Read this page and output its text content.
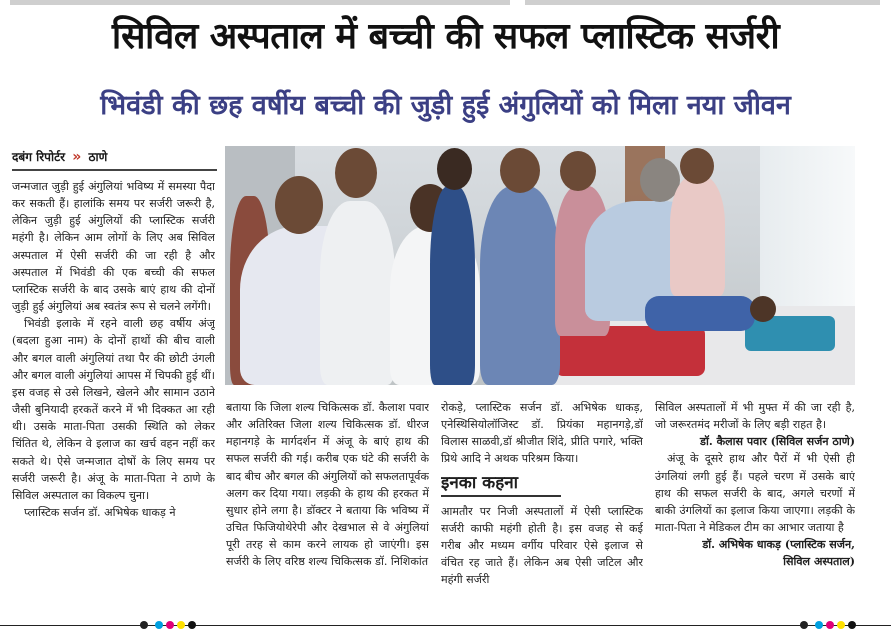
सिविल अस्पताल में बच्ची की सफल प्लास्टिक सर्जरी
भिवंडी की छह वर्षीय बच्ची की जुड़ी हुई अंगुलियों को मिला नया जीवन
दबंग रिपोर्टर » ठाणे

जन्मजात जुड़ी हुई अंगुलियां भविष्य में समस्या पैदा कर सकती हैं। हालांकि समय पर सर्जरी जरूरी है, लेकिन जुड़ी हुई अंगुलियों की प्लास्टिक सर्जरी महंगी है। लेकिन आम लोगों के लिए अब सिविल अस्पताल में ऐसी सर्जरी की जा रही है और अस्पताल में भिवंडी की एक बच्ची की सफल प्लास्टिक सर्जरी के बाद उसके बाएं हाथ की दोनों जुड़ी हुई अंगुलियां अब स्वतंत्र रूप से चलने लगेंगी।

भिवंडी इलाके में रहने वाली छह वर्षीय अंजू (बदला हुआ नाम) के दोनों हाथों की बीच वाली और बगल वाली अंगुलियां तथा पैर की छोटी उंगली और बगल वाली अंगुलियां आपस में चिपकी हुई थीं। इस वजह से उसे लिखने, खेलने और सामान उठाने जैसी बुनियादी हरकतें करने में भी दिक्कत आ रही थी। उसके माता-पिता उसकी स्थिति को लेकर चिंतित थे, लेकिन वे इलाज का खर्च वहन नहीं कर सकते थे। ऐसे जन्मजात दोषों के लिए समय पर सर्जरी जरूरी है। अंजू के माता-पिता ने ठाणे के सिविल अस्पताल का विकल्प चुना।

प्लास्टिक सर्जन डॉ. अभिषेक धाकड़ ने

बताया कि जिला शल्य चिकित्सक डॉ. कैलाश पवार और अतिरिक्त जिला शल्य चिकित्सक डॉ. धीरज महानगड़े के मार्गदर्शन में अंजू के बाएं हाथ की सफल सर्जरी की गई। करीब एक घंटे की सर्जरी के बाद बीच और बगल की अंगुलियों को सफलतापूर्वक अलग कर दिया गया। लड़की के हाथ की हरकत में सुधार होने लगा है। डॉक्टर ने बताया कि भविष्य में उचित फिजियोथेरेपी और देखभाल से वे अंगुलियां पूरी तरह से काम करने लायक हो जाएंगी। इस सर्जरी के लिए वरिष्ठ शल्य चिकित्सक डॉ. निशिकांत

रोकड़े, प्लास्टिक सर्जन डॉ. अभिषेक धाकड़, एनेस्थिसियोलॉजिस्ट डॉ. प्रियंका महानगड़े,डॉ विलास साळवी,डॉ श्रीजीत शिंदे, प्रीति पगारे, भक्ति प्रिथे आदि ने अथक परिश्रम किया।

इनका कहना

आमतौर पर निजी अस्पतालों में ऐसी प्लास्टिक सर्जरी काफी महंगी होती है। इस वजह से कई गरीब और मध्यम वर्गीय परिवार ऐसे इलाज से वंचित रह जाते हैं। लेकिन अब ऐसी जटिल और महंगी सर्जरी

सिविल अस्पतालों में भी मुफ्त में की जा रही है, जो जरूरतमंद मरीजों के लिए बड़ी राहत है।

डॉ. कैलास पवार (सिविल सर्जन ठाणे)

अंजू के दूसरे हाथ और पैरों में भी ऐसी ही उंगलियां लगी हुई हैं। पहले चरण में उसके बाएं हाथ की सफल सर्जरी के बाद, अगले चरणों में बाकी उंगलियों का इलाज किया जाएगा। लड़की के माता-पिता ने मेडिकल टीम का आभार जताया है

डॉ. अभिषेक धाकड़ (प्लास्टिक सर्जन,

सिविल अस्पताल)
